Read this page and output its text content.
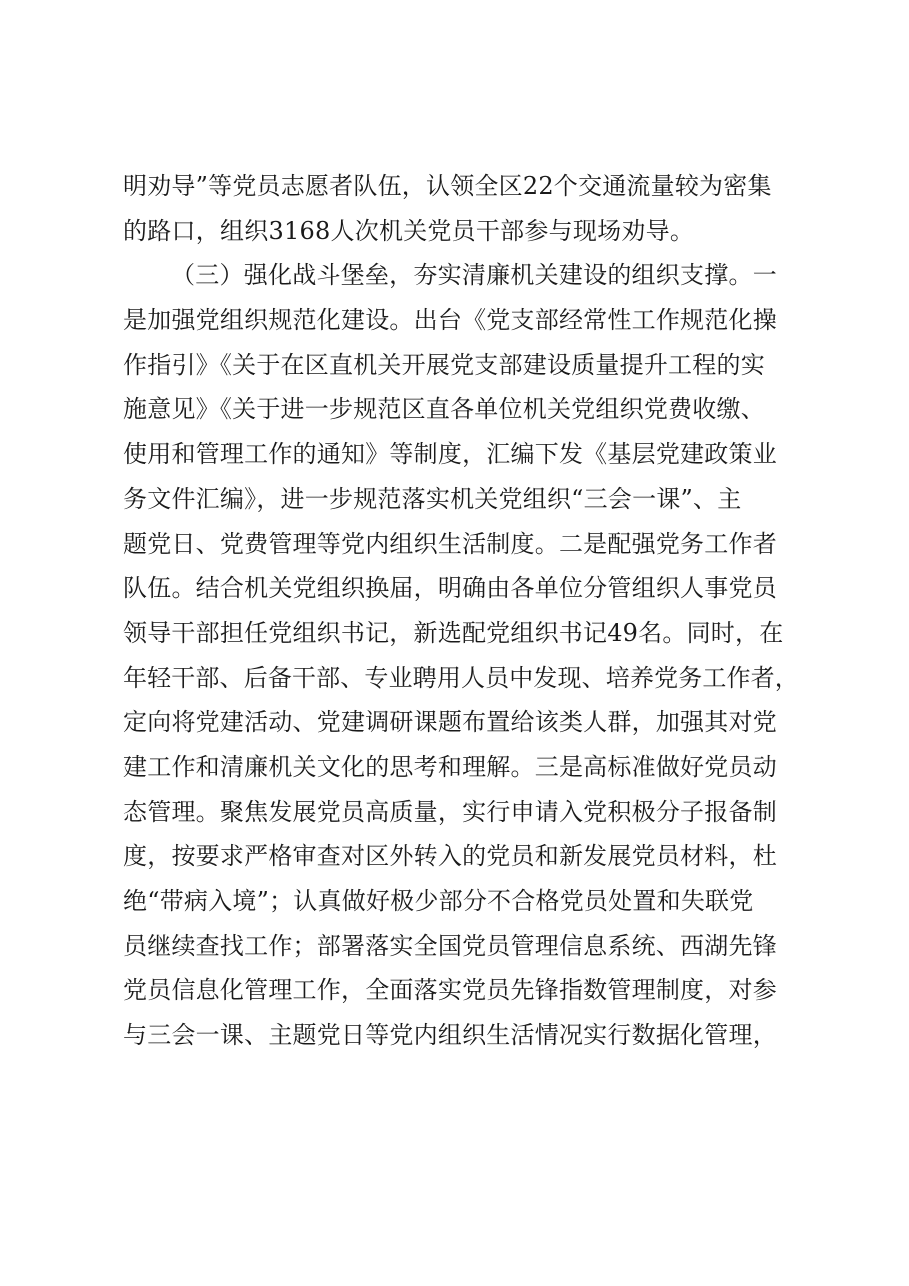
明劝导”等党员志愿者队伍，认领全区22个交通流量较为密集
的路口，组织3168人次机关党员干部参与现场劝导。
（三）强化战斗堡垒，夯实清廉机关建设的组织支撑。一
是加强党组织规范化建设。出台《党支部经常性工作规范化操
作指引》《关于在区直机关开展党支部建设质量提升工程的实
施意见》《关于进一步规范区直各单位机关党组织党费收缴、
使用和管理工作的通知》等制度，汇编下发《基层党建政策业
务文件汇编》，进一步规范落实机关党组织“三会一课”、主
题党日、党费管理等党内组织生活制度。二是配强党务工作者
队伍。结合机关党组织换届，明确由各单位分管组织人事党员
领导干部担任党组织书记，新选配党组织书记49名。同时，在
年轻干部、后备干部、专业聘用人员中发现、培养党务工作者，
定向将党建活动、党建调研课题布置给该类人群，加强其对党
建工作和清廉机关文化的思考和理解。三是高标准做好党员动
态管理。聚焦发展党员高质量，实行申请入党积极分子报备制
度，按要求严格审查对区外转入的党员和新发展党员材料，杜
绝“带病入境”；认真做好极少部分不合格党员处置和失联党
员继续查找工作；部署落实全国党员管理信息系统、西湖先锋
党员信息化管理工作，全面落实党员先锋指数管理制度，对参
与三会一课、主题党日等党内组织生活情况实行数据化管理，
